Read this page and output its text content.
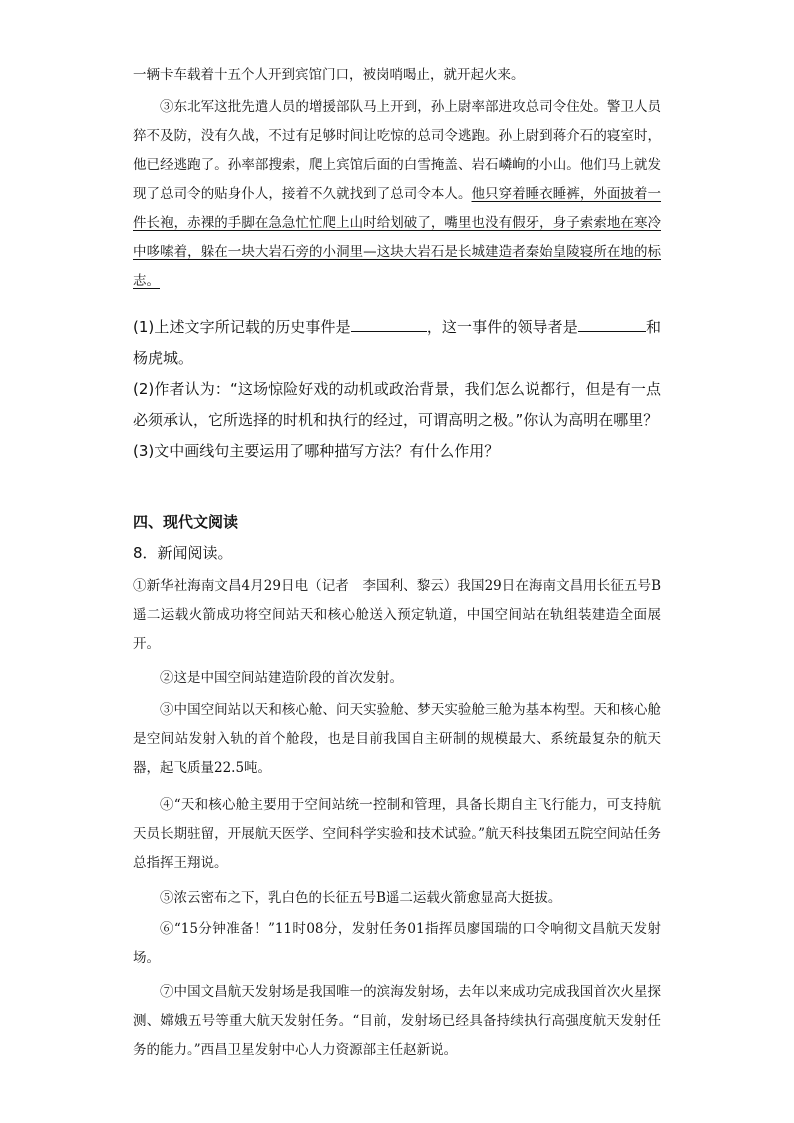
一辆卡车载着十五个人开到宾馆门口，被岗哨喝止，就开起火来。

③东北军这批先遣人员的增援部队马上开到，孙上尉率部进攻总司令住处。警卫人员猝不及防，没有久战，不过有足够时间让吃惊的总司令逃跑。孙上尉到蒋介石的寝室时，他已经逃跑了。孙率部搜索，爬上宾馆后面的白雪掩盖、岩石嶙峋的小山。他们马上就发现了总司令的贴身仆人，接着不久就找到了总司令本人。他只穿着睡衣睡裤，外面披着一件长袍，赤裸的手脚在急急忙忙爬上山时给划破了，嘴里也没有假牙，身子索索地在寒冷中哆嗦着，躲在一块大岩石旁的小洞里—这块大岩石是长城建造者秦始皇陵寝所在地的标志。

(1)上述文字所记载的历史事件是	，这一事件的领导者是	和杨虎城。

(2)作者认为：“这场惊险好戏的动机或政治背景，我们怎么说都行，但是有一点必须承认，它所选择的时机和执行的经过，可谓高明之极。”你认为高明在哪里？

(3)文中画线句主要运用了哪种描写方法？有什么作用？

四、现代文阅读

8．新闻阅读。

①新华社海南文昌4月29日电（记者　李国利、黎云）我国29日在海南文昌用长征五号B遥二运载火箭成功将空间站天和核心舱送入预定轨道，中国空间站在轨组装建造全面展开。

②这是中国空间站建造阶段的首次发射。

③中国空间站以天和核心舱、问天实验舱、梦天实验舱三舱为基本构型。天和核心舱是空间站发射入轨的首个舱段，也是目前我国自主研制的规模最大、系统最复杂的航天器，起飞质量22.5吨。

④“天和核心舱主要用于空间站统一控制和管理，具备长期自主飞行能力，可支持航天员长期驻留，开展航天医学、空间科学实验和技术试验。”航天科技集团五院空间站任务总指挥王翔说。

⑤浓云密布之下，乳白色的长征五号B遥二运载火箭愈显高大挺拔。

⑥“15分钟准备！”11时08分，发射任务01指挥员廖国瑞的口令响彻文昌航天发射场。

⑦中国文昌航天发射场是我国唯一的滨海发射场，去年以来成功完成我国首次火星探测、嫦娥五号等重大航天发射任务。“目前，发射场已经具备持续执行高强度航天发射任务的能力。”西昌卫星发射中心人力资源部主任赵新说。
